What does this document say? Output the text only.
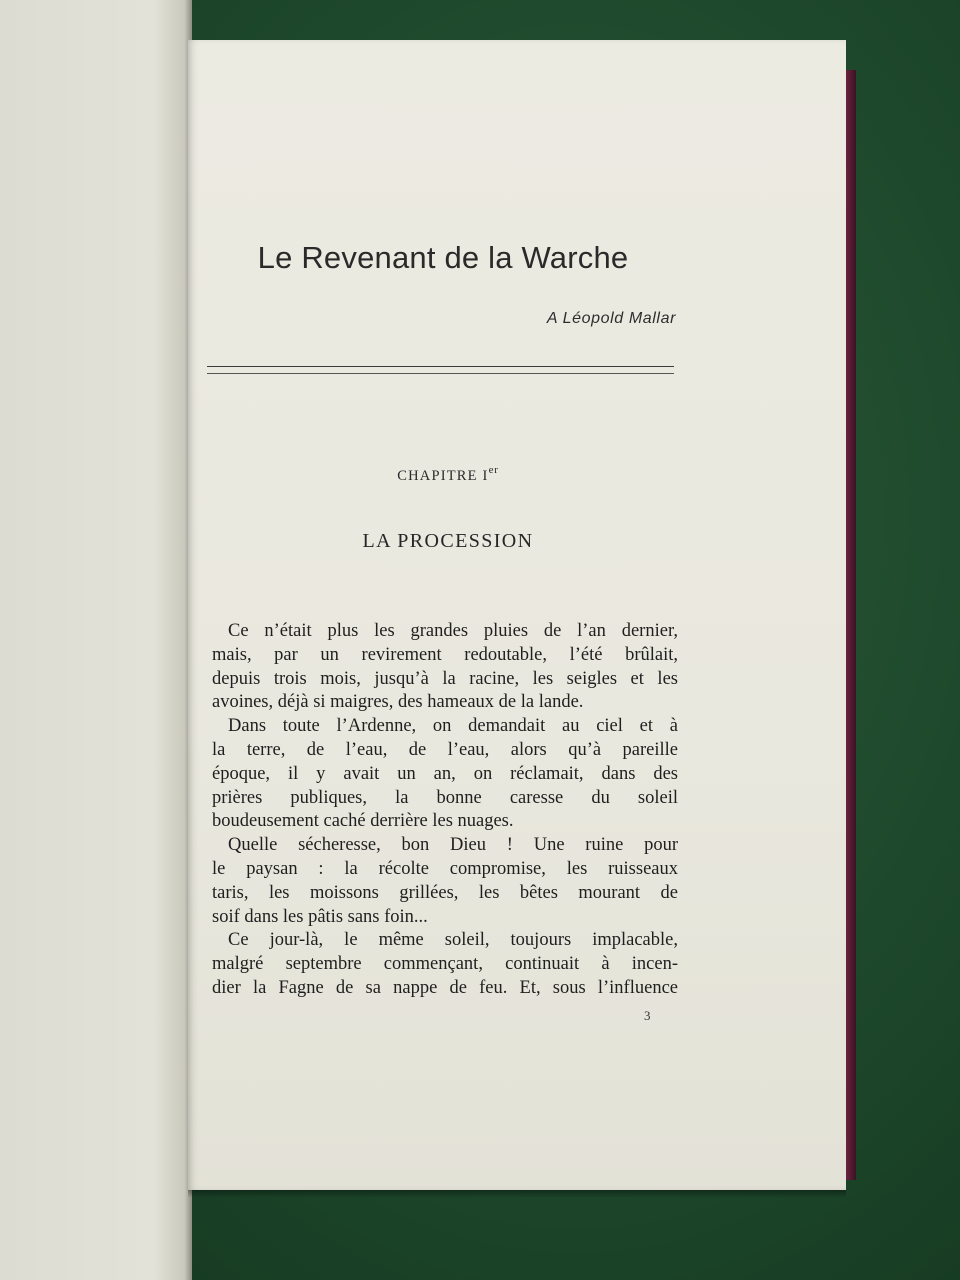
Le Revenant de la Warche
A Léopold Mallar
CHAPITRE Ier
LA PROCESSION
Ce n’était plus les grandes pluies de l’an dernier,
mais, par un revirement redoutable, l’été brûlait,
depuis trois mois, jusqu’à la racine, les seigles et les
avoines, déjà si maigres, des hameaux de la lande.
Dans toute l’Ardenne, on demandait au ciel et à
la terre, de l’eau, de l’eau, alors qu’à pareille
époque, il y avait un an, on réclamait, dans des
prières publiques, la bonne caresse du soleil
boudeusement caché derrière les nuages.
Quelle sécheresse, bon Dieu ! Une ruine pour
le paysan : la récolte compromise, les ruisseaux
taris, les moissons grillées, les bêtes mourant de
soif dans les pâtis sans foin...
Ce jour-là, le même soleil, toujours implacable,
malgré septembre commençant, continuait à incen-
dier la Fagne de sa nappe de feu. Et, sous l’influence
3
